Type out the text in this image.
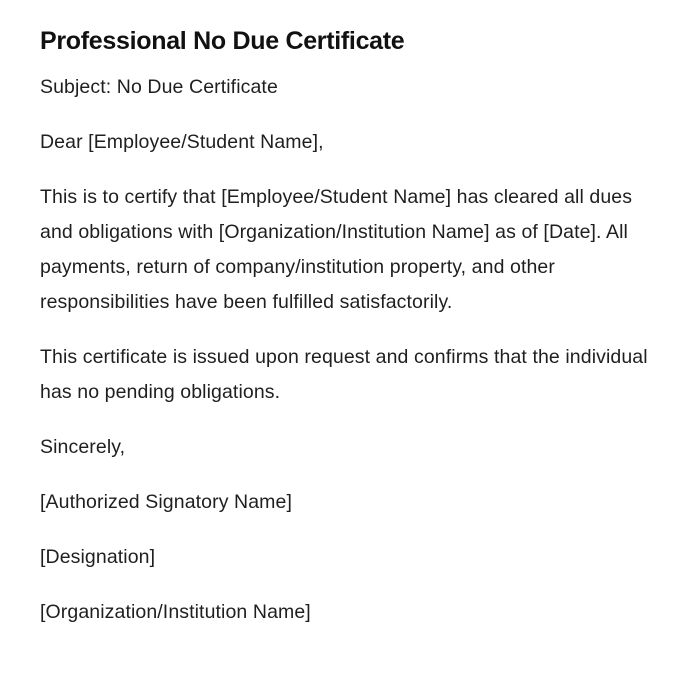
Professional No Due Certificate

Subject: No Due Certificate

Dear [Employee/Student Name],

This is to certify that [Employee/Student Name] has cleared all dues and obligations with [Organization/Institution Name] as of [Date]. All payments, return of company/institution property, and other responsibilities have been fulfilled satisfactorily.

This certificate is issued upon request and confirms that the individual has no pending obligations.

Sincerely,

[Authorized Signatory Name]

[Designation]

[Organization/Institution Name]
